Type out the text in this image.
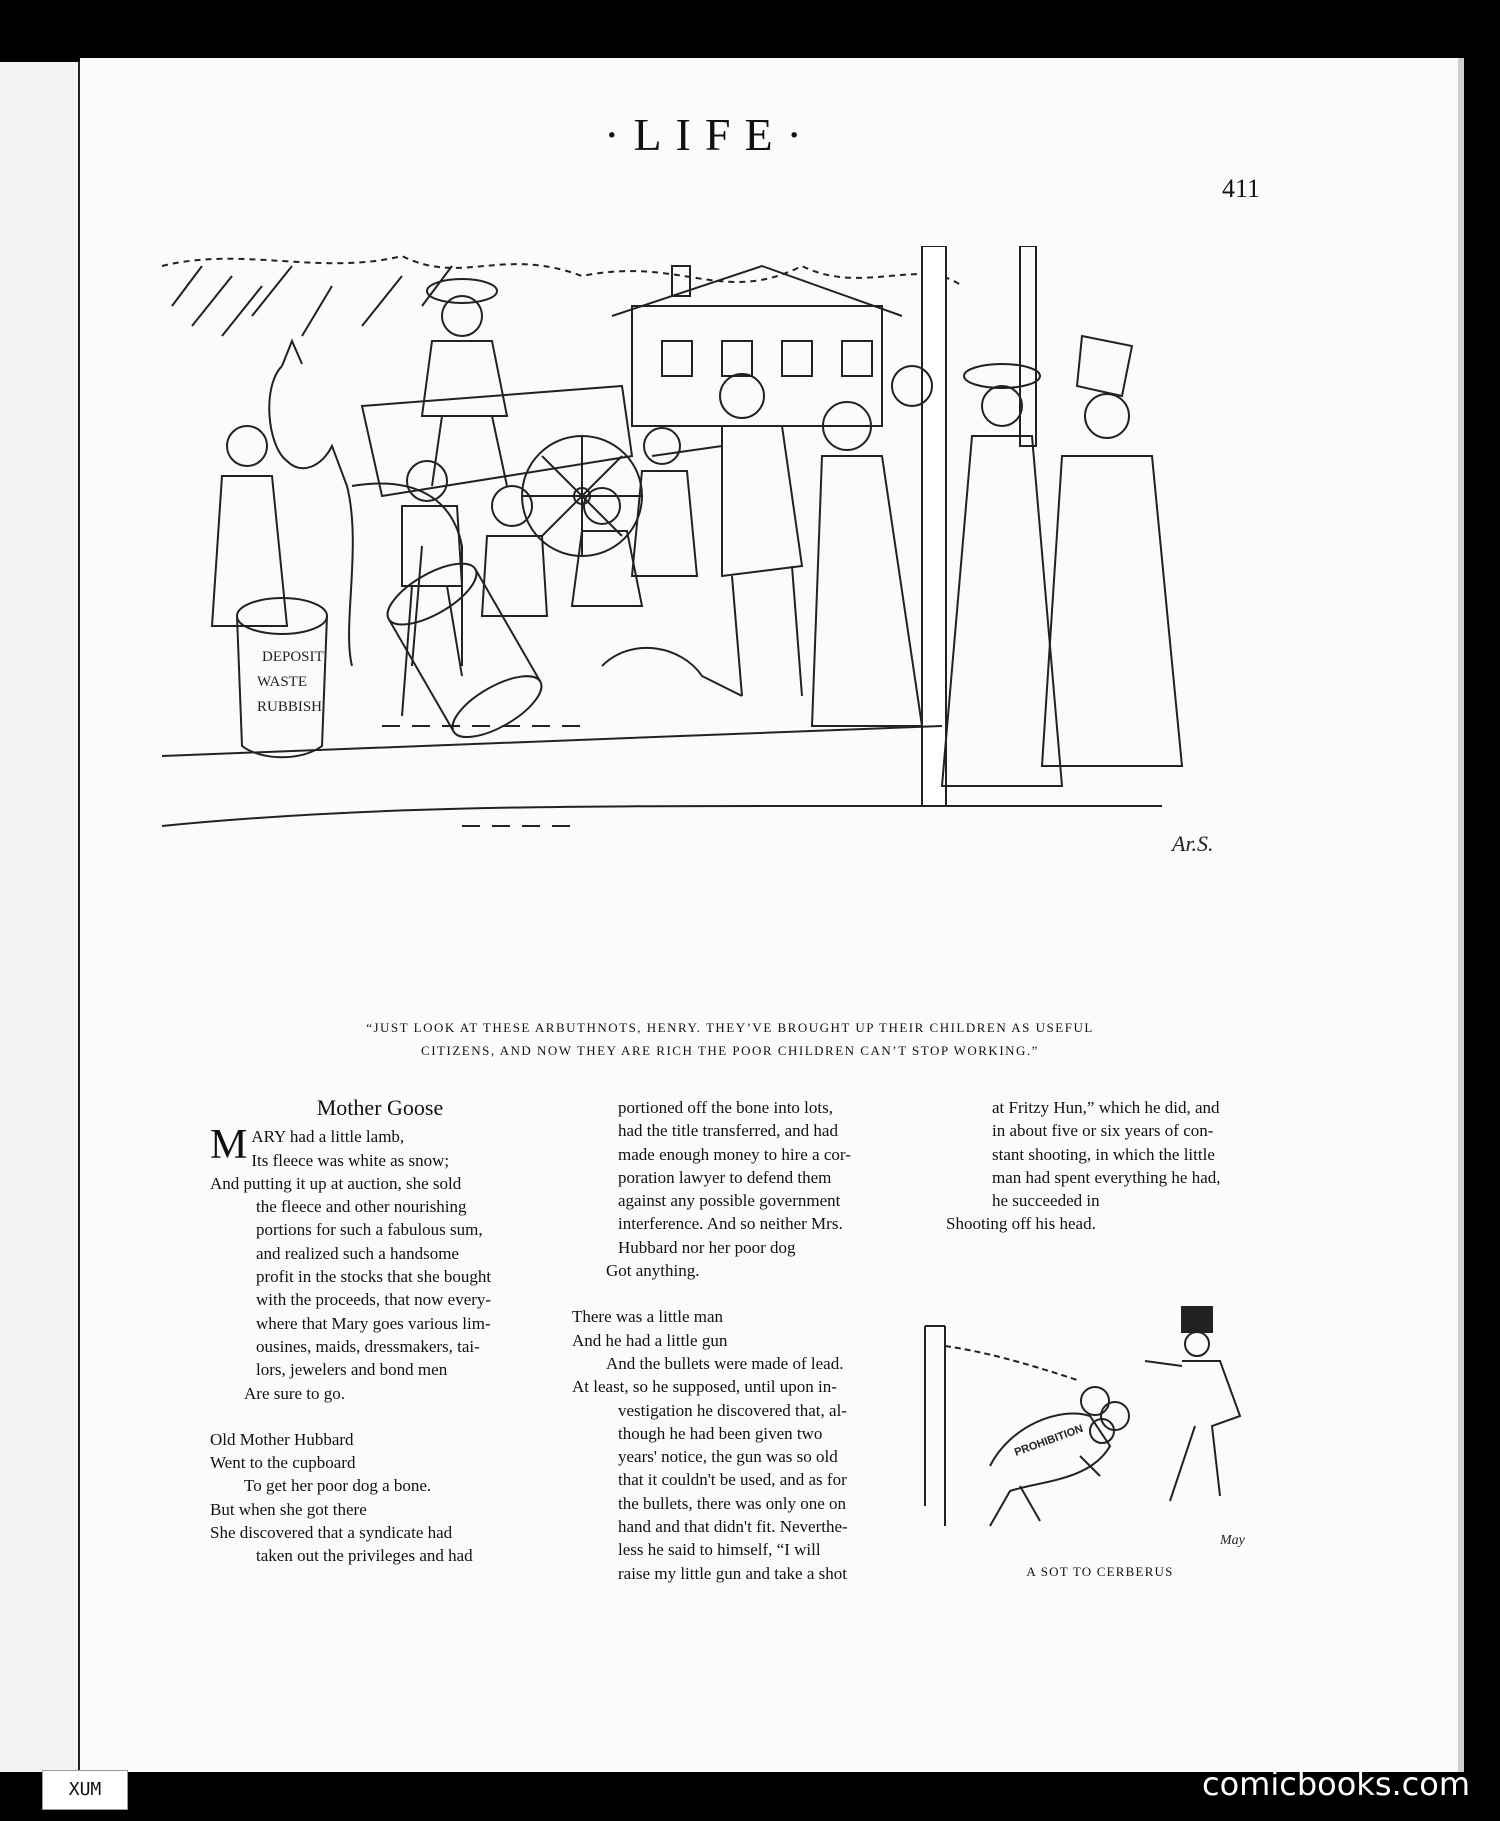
·LIFE·
411
DEPOSIT
WASTE
RUBBISH
Ar.S.
“JUST LOOK AT THESE ARBUTHNOTS, HENRY. THEY’VE BROUGHT UP THEIR CHILDREN AS USEFUL
CITIZENS, AND NOW THEY ARE RICH THE POOR CHILDREN CAN’T STOP WORKING.”
Mother Goose
MARY had a little lamb,
Its fleece was white as snow;
And putting it up at auction, she sold
the fleece and other nourishing
portions for such a fabulous sum,
and realized such a handsome
profit in the stocks that she bought
with the proceeds, that now every-
where that Mary goes various lim-
ousines, maids, dressmakers, tai-
lors, jewelers and bond men
Are sure to go.
Old Mother Hubbard
Went to the cupboard
To get her poor dog a bone.
But when she got there
She discovered that a syndicate had
taken out the privileges and had
portioned off the bone into lots,
had the title transferred, and had
made enough money to hire a cor-
poration lawyer to defend them
against any possible government
interference. And so neither Mrs.
Hubbard nor her poor dog
Got anything.
There was a little man
And he had a little gun
And the bullets were made of lead.
At least, so he supposed, until upon in-
vestigation he discovered that, al-
though he had been given two
years' notice, the gun was so old
that it couldn't be used, and as for
the bullets, there was only one on
hand and that didn't fit. Neverthe-
less he said to himself, “I will
raise my little gun and take a shot
at Fritzy Hun,” which he did, and
in about five or six years of con-
stant shooting, in which the little
man had spent everything he had,
he succeeded in
Shooting off his head.
PROHIBITION
May
A SOT TO CERBERUS
XUM	comicbooks.com
